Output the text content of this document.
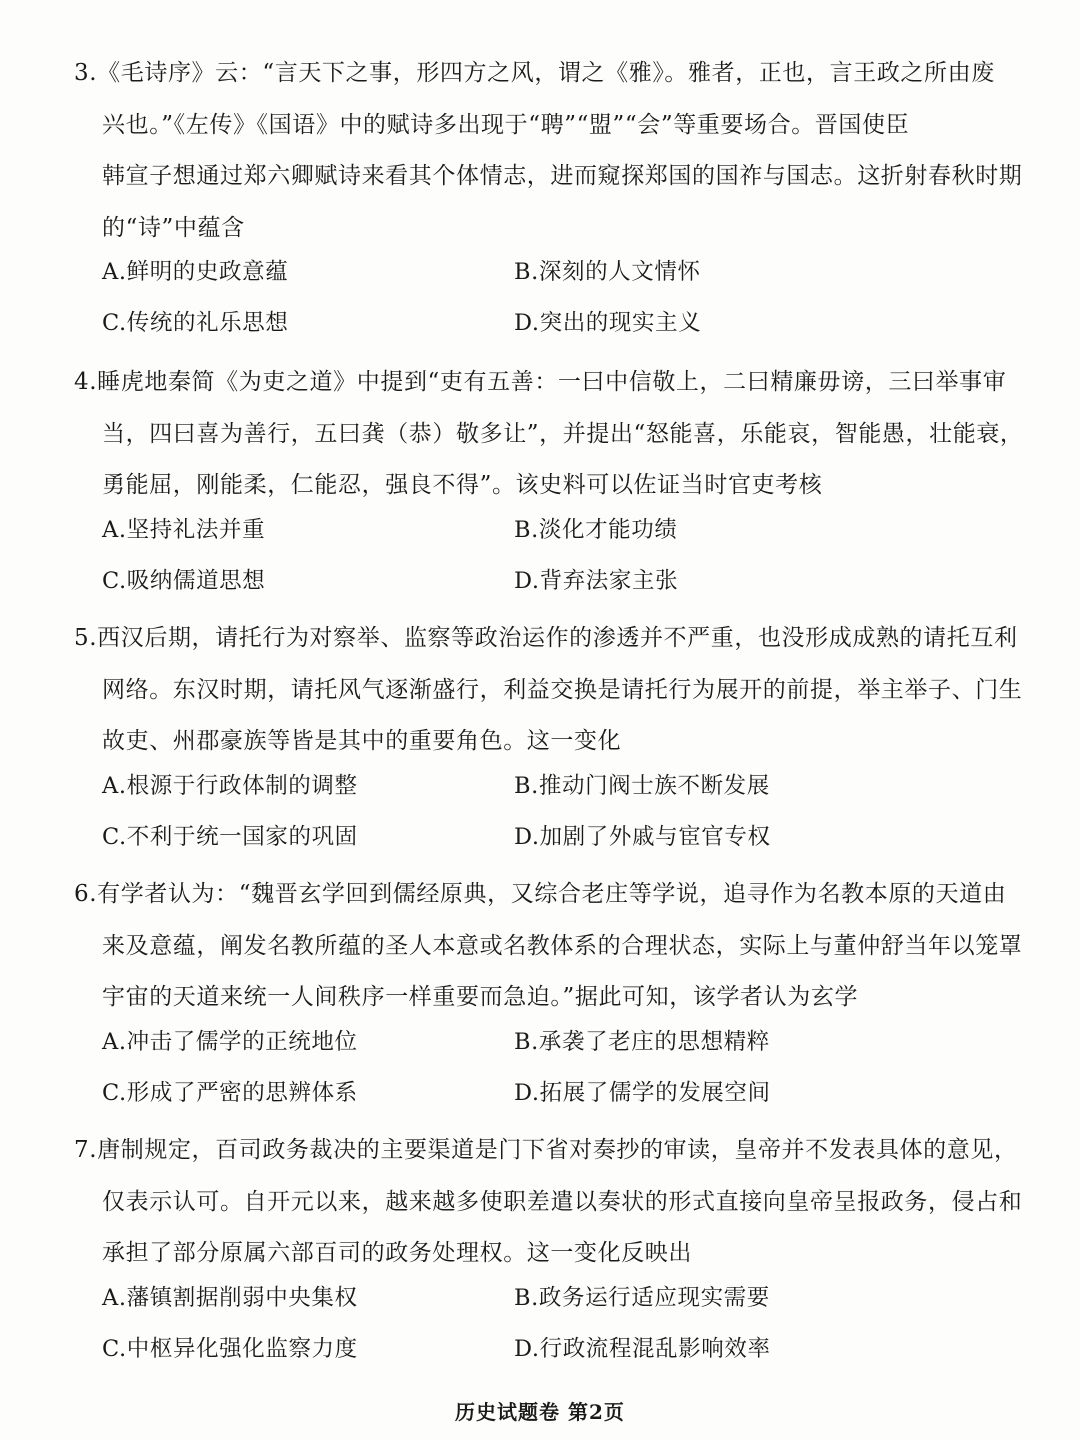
3.《毛诗序》云：“言天下之事，形四方之风，谓之《雅》。雅者，正也，言王政之所由废
兴也。”《左传》《国语》中的赋诗多出现于“聘”“盟”“会”等重要场合。晋国使臣
韩宣子想通过郑六卿赋诗来看其个体情志，进而窥探郑国的国祚与国志。这折射春秋时期
的“诗”中蕴含
A.鲜明的史政意蕴	B.深刻的人文情怀
C.传统的礼乐思想	D.突出的现实主义
4.睡虎地秦简《为吏之道》中提到“吏有五善：一曰中信敬上，二曰精廉毋谤，三曰举事审
当，四曰喜为善行，五曰龚（恭）敬多让”，并提出“怒能喜，乐能哀，智能愚，壮能衰，
勇能屈，刚能柔，仁能忍，强良不得”。该史料可以佐证当时官吏考核
A.坚持礼法并重	B.淡化才能功绩
C.吸纳儒道思想	D.背弃法家主张
5.西汉后期，请托行为对察举、监察等政治运作的渗透并不严重，也没形成成熟的请托互利
网络。东汉时期，请托风气逐渐盛行，利益交换是请托行为展开的前提，举主举子、门生
故吏、州郡豪族等皆是其中的重要角色。这一变化
A.根源于行政体制的调整	B.推动门阀士族不断发展
C.不利于统一国家的巩固	D.加剧了外戚与宦官专权
6.有学者认为：“魏晋玄学回到儒经原典，又综合老庄等学说，追寻作为名教本原的天道由
来及意蕴，阐发名教所蕴的圣人本意或名教体系的合理状态，实际上与董仲舒当年以笼罩
宇宙的天道来统一人间秩序一样重要而急迫。”据此可知，该学者认为玄学
A.冲击了儒学的正统地位	B.承袭了老庄的思想精粹
C.形成了严密的思辨体系	D.拓展了儒学的发展空间
7.唐制规定，百司政务裁决的主要渠道是门下省对奏抄的审读，皇帝并不发表具体的意见，
仅表示认可。自开元以来，越来越多使职差遣以奏状的形式直接向皇帝呈报政务，侵占和
承担了部分原属六部百司的政务处理权。这一变化反映出
A.藩镇割据削弱中央集权	B.政务运行适应现实需要
C.中枢异化强化监察力度	D.行政流程混乱影响效率
历史试题卷 第2页
